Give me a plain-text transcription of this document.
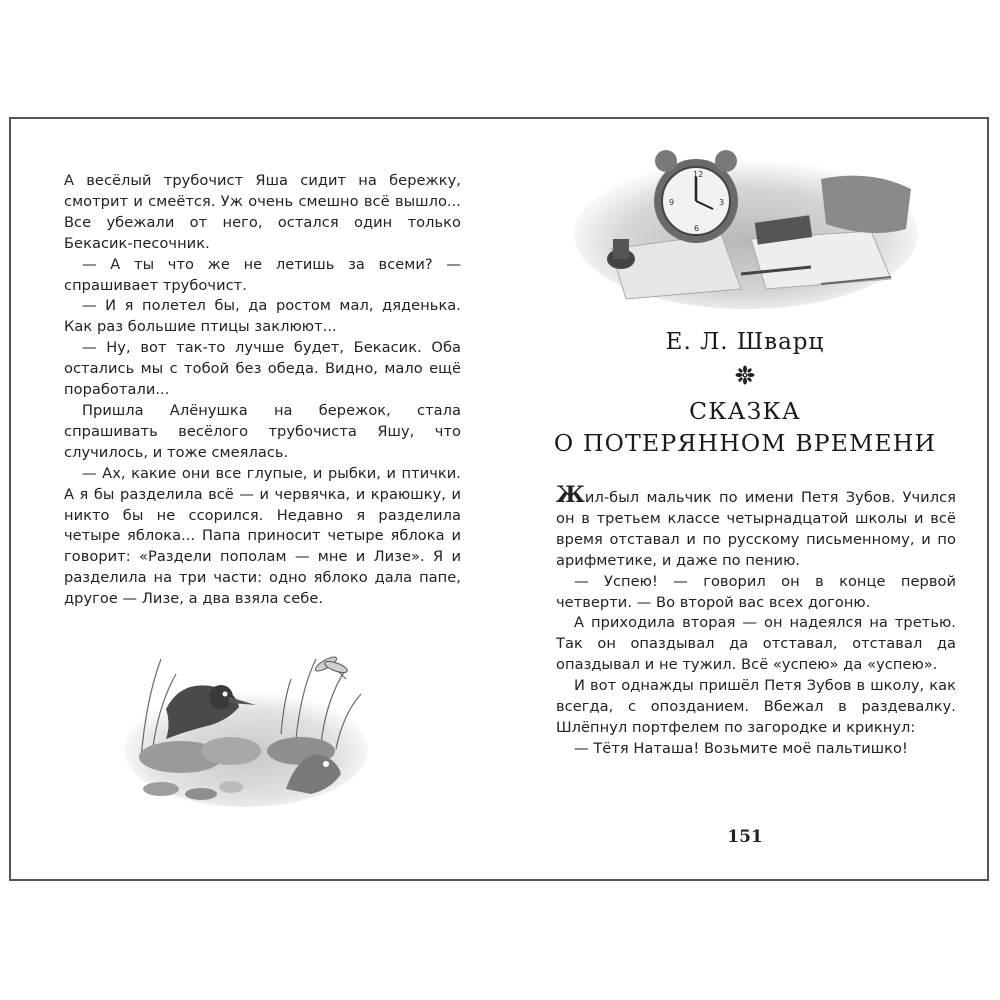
А весёлый трубочист Яша сидит на бережку, смотрит и смеётся. Уж очень смешно всё вышло... Все убежали от него, остался один только Бекасик-песочник.

— А ты что же не летишь за всеми? — спрашивает трубочист.

— И я полетел бы, да ростом мал, дяденька. Как раз большие птицы заклюют...

— Ну, вот так-то лучше будет, Бекасик. Оба остались мы с тобой без обеда. Видно, мало ещё поработали...

Пришла Алёнушка на бережок, стала спрашивать весёлого трубочиста Яшу, что случилось, и тоже смеялась.

— Ах, какие они все глупые, и рыбки, и птички. А я бы разделила всё — и червячка, и краюшку, и никто бы не ссорился. Недавно я разделила четыре яблока... Папа приносит четыре яблока и говорит: «Раздели пополам — мне и Лизе». Я и разделила на три части: одно яблоко дала папе, другое — Лизе, а два взяла себе.

12
3
6
9
Е. Л. Шварц
СКАЗКА
О ПОТЕРЯННОМ ВРЕМЕНИ

Жил-был мальчик по имени Петя Зубов. Учился он в третьем классе четырнадцатой школы и всё время отставал и по русскому письменному, и по арифметике, и даже по пению.

— Успею! — говорил он в конце первой четверти. — Во второй вас всех догоню.

А приходила вторая — он надеялся на третью. Так он опаздывал да отставал, отставал да опаздывал и не тужил. Всё «успею» да «успею».

И вот однажды пришёл Петя Зубов в школу, как всегда, с опозданием. Вбежал в раздевалку. Шлёпнул портфелем по загородке и крикнул:

— Тётя Наташа! Возьмите моё пальтишко!

151
